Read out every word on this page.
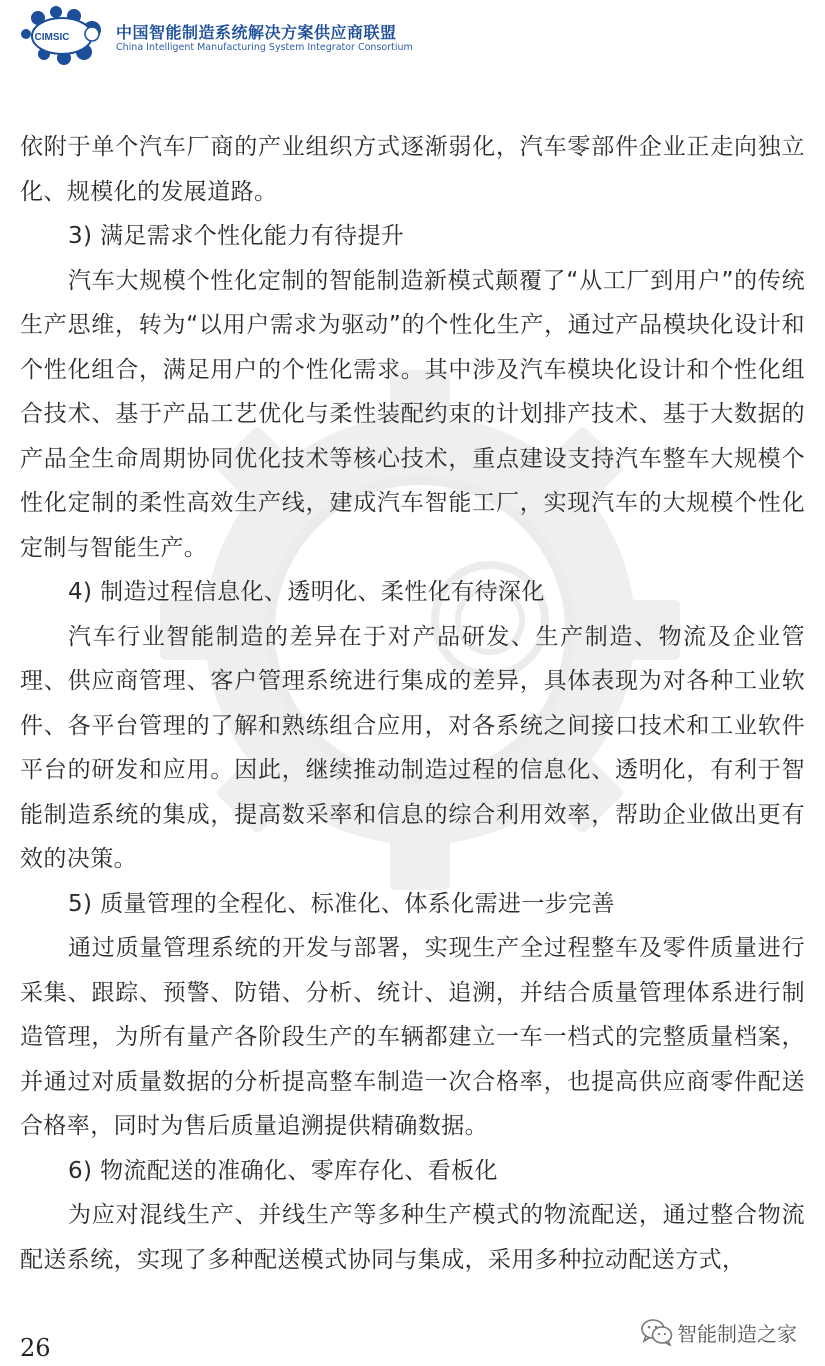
CIMSIC	中国智能制造系统解决方案供应商联盟
China Intelligent Manufacturing System Integrator Consortium

依附于单个汽车厂商的产业组织方式逐渐弱化，汽车零部件企业正走向独立化、规模化的发展道路。

3) 满足需求个性化能力有待提升

汽车大规模个性化定制的智能制造新模式颠覆了“从工厂到用户”的传统生产思维，转为“以用户需求为驱动”的个性化生产，通过产品模块化设计和个性化组合，满足用户的个性化需求。其中涉及汽车模块化设计和个性化组合技术、基于产品工艺优化与柔性装配约束的计划排产技术、基于大数据的产品全生命周期协同优化技术等核心技术，重点建设支持汽车整车大规模个性化定制的柔性高效生产线，建成汽车智能工厂，实现汽车的大规模个性化定制与智能生产。

4) 制造过程信息化、透明化、柔性化有待深化

汽车行业智能制造的差异在于对产品研发、生产制造、物流及企业管理、供应商管理、客户管理系统进行集成的差异，具体表现为对各种工业软件、各平台管理的了解和熟练组合应用，对各系统之间接口技术和工业软件平台的研发和应用。因此，继续推动制造过程的信息化、透明化，有利于智能制造系统的集成，提高数采率和信息的综合利用效率，帮助企业做出更有效的决策。

5) 质量管理的全程化、标准化、体系化需进一步完善

通过质量管理系统的开发与部署，实现生产全过程整车及零件质量进行采集、跟踪、预警、防错、分析、统计、追溯，并结合质量管理体系进行制造管理，为所有量产各阶段生产的车辆都建立一车一档式的完整质量档案，并通过对质量数据的分析提高整车制造一次合格率，也提高供应商零件配送合格率，同时为售后质量追溯提供精确数据。

6) 物流配送的准确化、零库存化、看板化

为应对混线生产、并线生产等多种生产模式的物流配送，通过整合物流配送系统，实现了多种配送模式协同与集成，采用多种拉动配送方式，

26	智能制造之家
